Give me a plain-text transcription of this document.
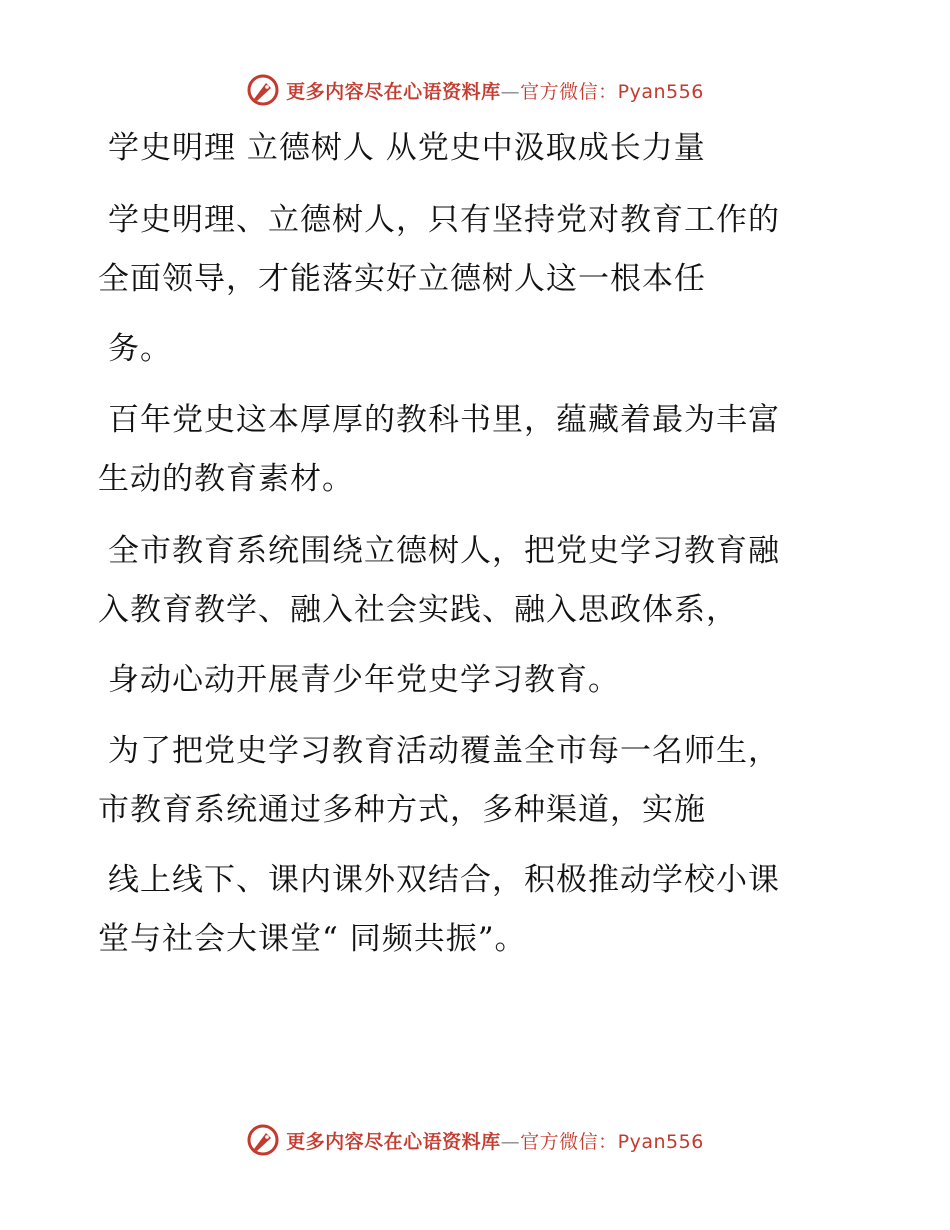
更多内容尽在心语资料库—官方微信：Pyan556
学史明理 立德树人 从党史中汲取成长力量
学史明理、立德树人，只有坚持党对教育工作的
全面领导，才能落实好立德树人这一根本任
务。
百年党史这本厚厚的教科书里，蕴藏着最为丰富
生动的教育素材。
全市教育系统围绕立德树人，把党史学习教育融
入教育教学、融入社会实践、融入思政体系，
身动心动开展青少年党史学习教育。
为了把党史学习教育活动覆盖全市每一名师生，
市教育系统通过多种方式，多种渠道，实施
线上线下、课内课外双结合，积极推动学校小课
堂与社会大课堂“ 同频共振”。
更多内容尽在心语资料库—官方微信：Pyan556
